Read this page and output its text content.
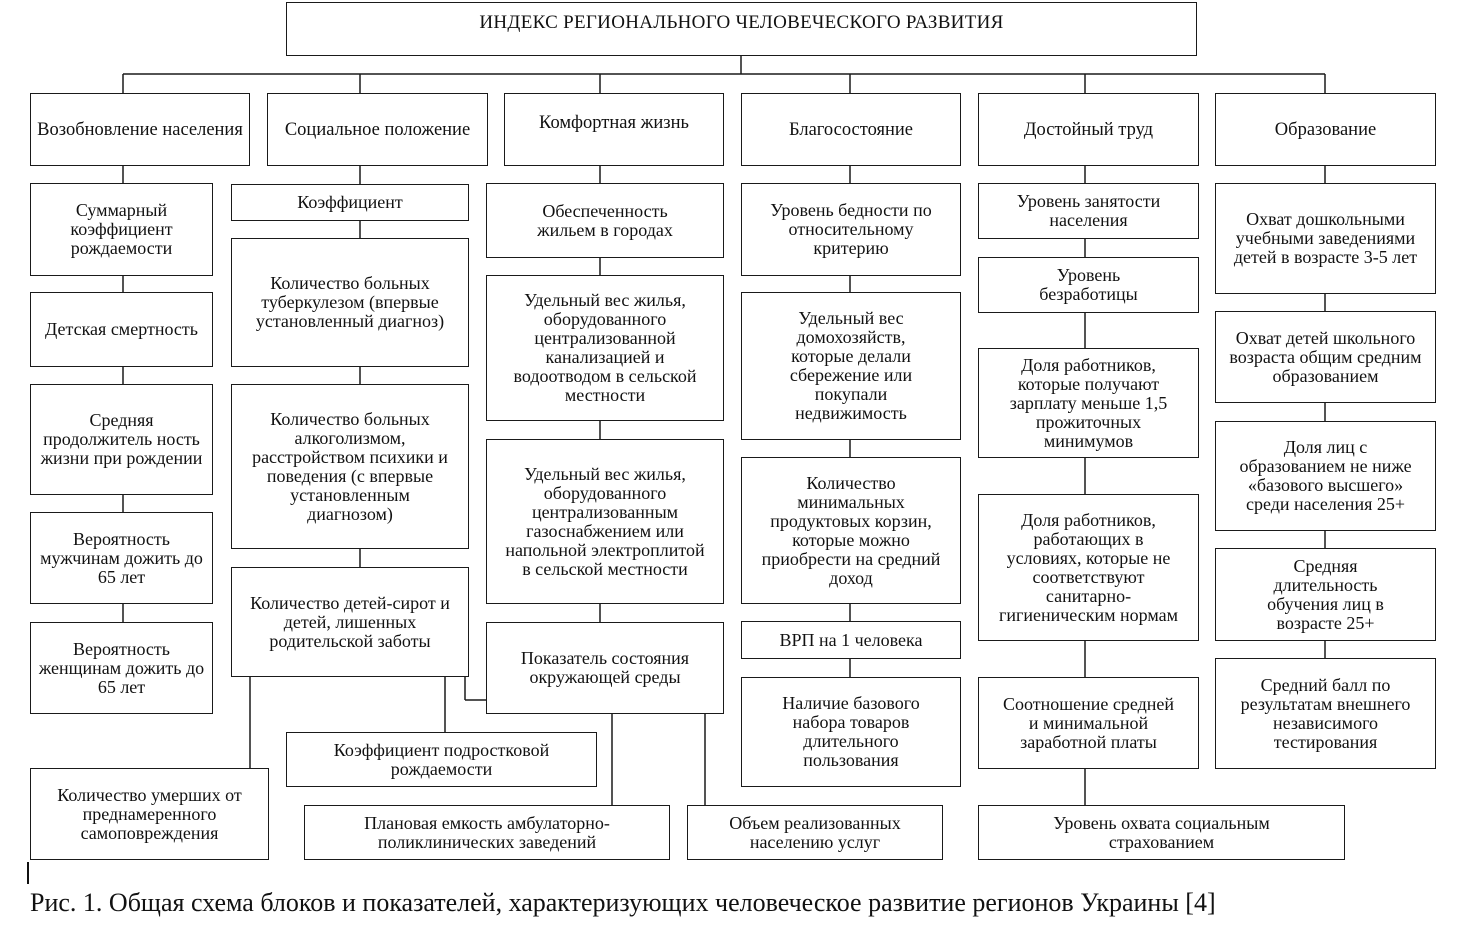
ИНДЕКС РЕГИОНАЛЬНОГО ЧЕЛОВЕЧЕСКОГО РАЗВИТИЯ
Возобновление населения Социальное положение	Комфортная жизнь	Благосостояние	Достойный труд	Образование
Суммарный коэффициент рождаемости
Детская смертность
Средняя продолжитель ность жизни при рождении
Вероятность мужчинам дожить до 65 лет
Вероятность женщинам дожить до 65 лет
Коэффициент
Количество больных туберкулезом (впервые установленный диагноз)
Количество больных алкоголизмом, расстройством психики и поведения (с впервые установленным диагнозом)
Количество детей-сирот и детей, лишенных родительской заботы
Обеспеченность жильем в городах
Удельный вес жилья, оборудованного централизованной канализацией и водоотводом в сельской местности
Удельный вес жилья, оборудованного централизованным газоснабжением или напольной электроплитой в сельской местности
Показатель состояния окружающей среды
Уровень бедности по относительному критерию
Удельный вес домохозяйств, которые делали сбережение или покупали недвижимость
Количество минимальных продуктовых корзин, которые можно приобрести на средний доход
ВРП на 1 человека
Наличие базового набора товаров длительного пользования
Уровень занятости населения
Уровень безработицы
Доля работников, которые получают зарплату меньше 1,5 прожиточных минимумов
Доля работников, работающих в условиях, которые не соответствуют санитарно-гигиеническим нормам
Соотношение средней и минимальной заработной платы
Охват дошкольными учебными заведениями детей в возрасте 3-5 лет
Охват детей школьного возраста общим средним образованием
Доля лиц с образованием не ниже «базового высшего» среди населения 25+
Средняя длительность обучения лиц в возрасте 25+
Средний балл по результатам внешнего независимого тестирования
Количество умерших от преднамеренного самоповреждения
Коэффициент подростковой рождаемости
Плановая емкость амбулаторно-поликлинических заведений
Объем реализованных населению услуг
Уровень охвата социальным страхованием
Рис. 1. Общая схема блоков и показателей, характеризующих человеческое развитие регионов Украины [4]
